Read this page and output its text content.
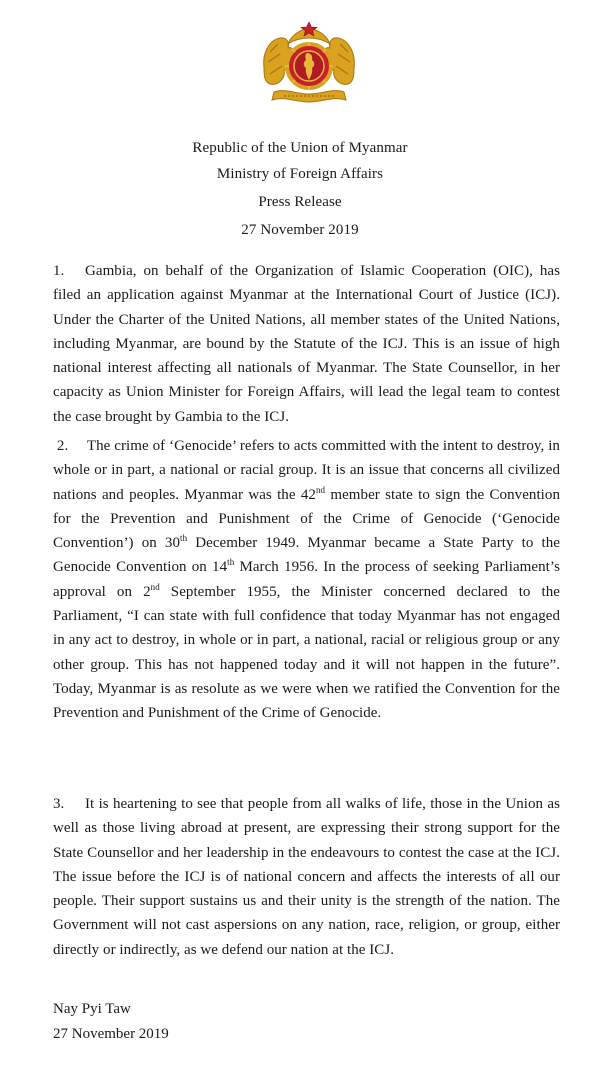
Republic of the Union of Myanmar
Ministry of Foreign Affairs
Press Release
27 November 2019
1. Gambia, on behalf of the Organization of Islamic Cooperation (OIC), has filed an application against Myanmar at the International Court of Justice (ICJ). Under the Charter of the United Nations, all member states of the United Nations, including Myanmar, are bound by the Statute of the ICJ. This is an issue of high national interest affecting all nationals of Myanmar. The State Counsellor, in her capacity as Union Minister for Foreign Affairs, will lead the legal team to contest the case brought by Gambia to the ICJ.
2. The crime of ‘Genocide’ refers to acts committed with the intent to destroy, in whole or in part, a national or racial group. It is an issue that concerns all civilized nations and peoples. Myanmar was the 42nd member state to sign the Convention for the Prevention and Punishment of the Crime of Genocide (‘Genocide Convention’) on 30th December 1949. Myanmar became a State Party to the Genocide Convention on 14th March 1956. In the process of seeking Parliament’s approval on 2nd September 1955, the Minister concerned declared to the Parliament, “I can state with full confidence that today Myanmar has not engaged in any act to destroy, in whole or in part, a national, racial or religious group or any other group. This has not happened today and it will not happen in the future”. Today, Myanmar is as resolute as we were when we ratified the Convention for the Prevention and Punishment of the Crime of Genocide.
3. It is heartening to see that people from all walks of life, those in the Union as well as those living abroad at present, are expressing their strong support for the State Counsellor and her leadership in the endeavours to contest the case at the ICJ. The issue before the ICJ is of national concern and affects the interests of all our people. Their support sustains us and their unity is the strength of the nation. The Government will not cast aspersions on any nation, race, religion, or group, either directly or indirectly, as we defend our nation at the ICJ.
Nay Pyi Taw
27 November 2019
